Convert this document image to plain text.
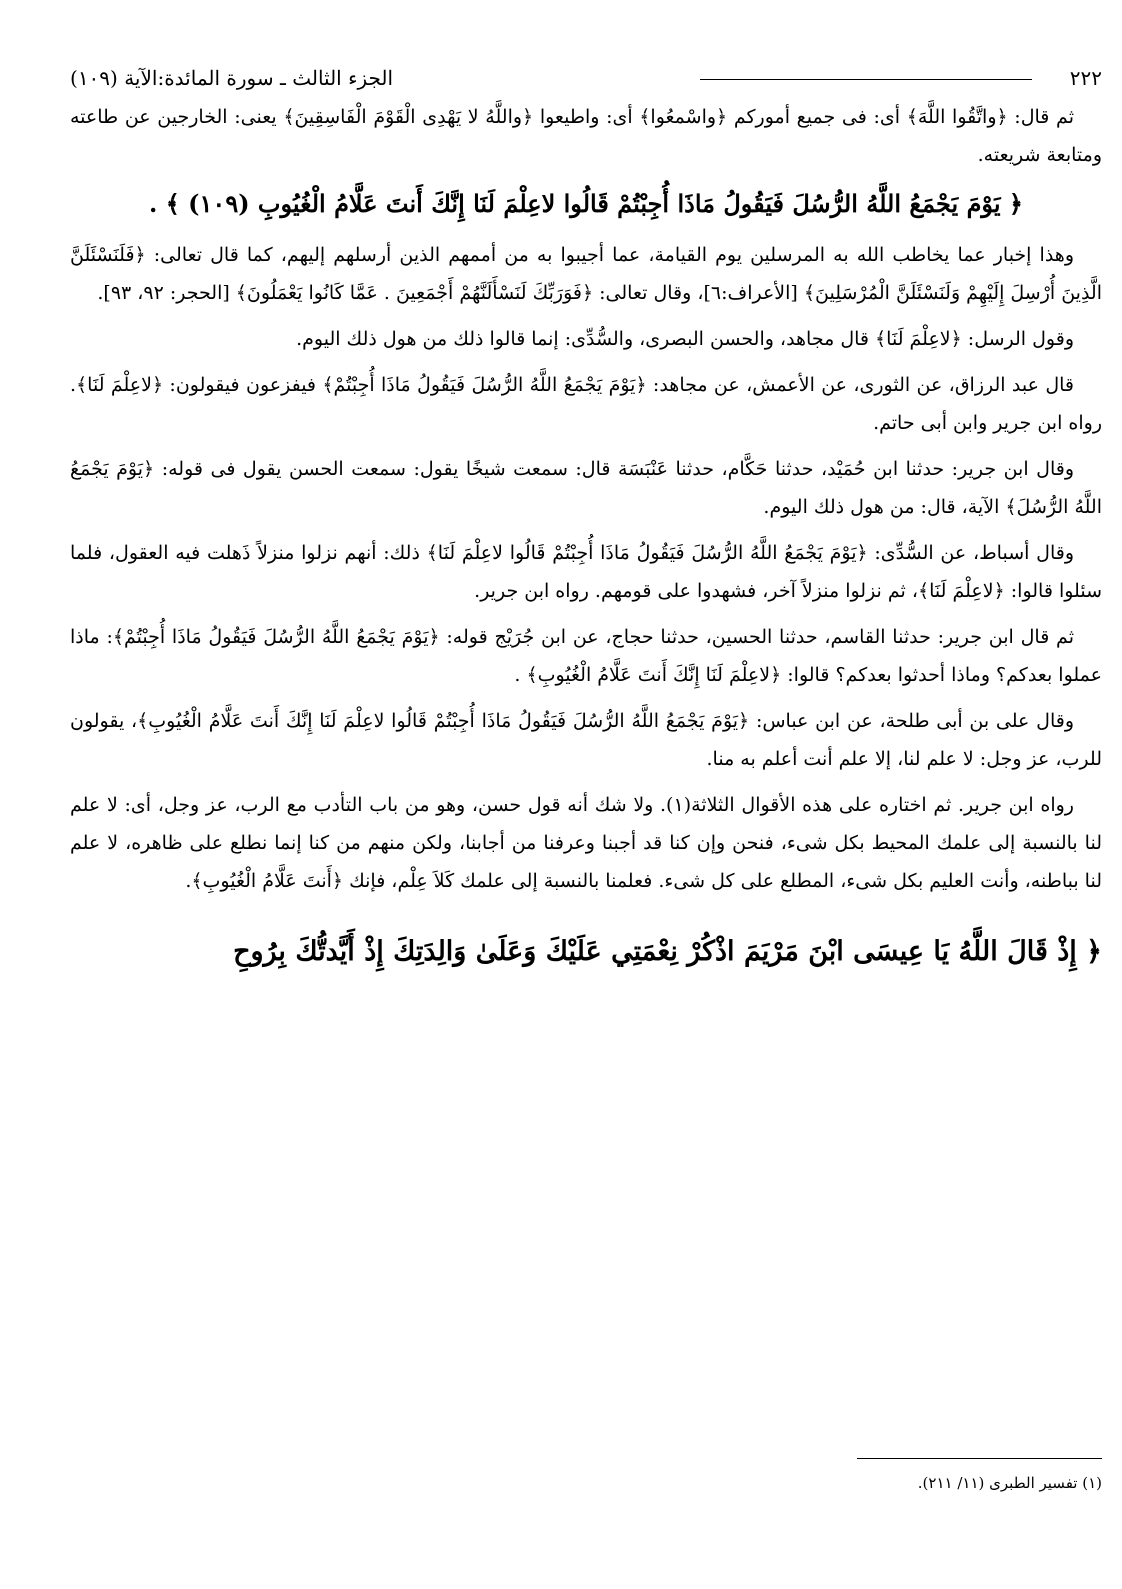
٢٢٢
الجزء الثالث ـ سورة المائدة:الآية (١٠٩)

ثم قال: ﴿واتَّقُوا اللَّهَ﴾ أى: فى جميع أموركم ﴿واسْمعُوا﴾ أى: واطيعوا ﴿واللَّهُ لا يَهْدِى الْقَوْمَ الْفَاسِقِينَ﴾ يعنى: الخارجين عن طاعته ومتابعة شريعته.

﴿ يَوْمَ يَجْمَعُ اللَّهُ الرُّسُلَ فَيَقُولُ مَاذَا أُجِبْتُمْ قَالُوا لاعِلْمَ لَنَا إِنَّكَ أَنتَ عَلَّامُ الْغُيُوبِ (١٠٩) ﴾ .

وهذا إخبار عما يخاطب الله به المرسلين يوم القيامة، عما أجيبوا به من أممهم الذين أرسلهم إليهم، كما قال تعالى: ﴿فَلَنَسْئَلَنَّ الَّذِينَ أُرْسِلَ إِلَيْهِمْ وَلَنَسْئَلَنَّ الْمُرْسَلِينَ﴾ [الأعراف:٦]، وقال تعالى: ﴿فَوَرَبِّكَ لَنَسْأَلَنَّهُمْ أَجْمَعِينَ . عَمَّا كَانُوا يَعْمَلُونَ﴾ [الحجر: ٩٢، ٩٣].

وقول الرسل: ﴿لاعِلْمَ لَنَا﴾ قال مجاهد، والحسن البصرى، والسُّدِّى: إنما قالوا ذلك من هول ذلك اليوم.

قال عبد الرزاق، عن الثورى، عن الأعمش، عن مجاهد: ﴿يَوْمَ يَجْمَعُ اللَّهُ الرُّسُلَ فَيَقُولُ مَاذَا أُجِبْتُمْ﴾ فيفزعون فيقولون: ﴿لاعِلْمَ لَنَا﴾. رواه ابن جرير وابن أبى حاتم.

وقال ابن جرير: حدثنا ابن حُمَيْد، حدثنا حَكَّام، حدثنا عَنْبَسَة قال: سمعت شيخًا يقول: سمعت الحسن يقول فى قوله: ﴿يَوْمَ يَجْمَعُ اللَّهُ الرُّسُلَ﴾ الآية، قال: من هول ذلك اليوم.

وقال أسباط، عن السُّدِّى: ﴿يَوْمَ يَجْمَعُ اللَّهُ الرُّسُلَ فَيَقُولُ مَاذَا أُجِبْتُمْ قَالُوا لاعِلْمَ لَنَا﴾ ذلك: أنهم نزلوا منزلاً ذَهلت فيه العقول، فلما سئلوا قالوا: ﴿لاعِلْمَ لَنَا﴾، ثم نزلوا منزلاً آخر، فشهدوا على قومهم. رواه ابن جرير.

ثم قال ابن جرير: حدثنا القاسم، حدثنا الحسين، حدثنا حجاج، عن ابن جُرَيْج قوله: ﴿يَوْمَ يَجْمَعُ اللَّهُ الرُّسُلَ فَيَقُولُ مَاذَا أُجِبْتُمْ﴾: ماذا عملوا بعدكم؟ وماذا أحدثوا بعدكم؟ قالوا: ﴿لاعِلْمَ لَنَا إِنَّكَ أَنتَ عَلَّامُ الْغُيُوبِ﴾ .

وقال على بن أبى طلحة، عن ابن عباس: ﴿يَوْمَ يَجْمَعُ اللَّهُ الرُّسُلَ فَيَقُولُ مَاذَا أُجِبْتُمْ قَالُوا لاعِلْمَ لَنَا إِنَّكَ أَنتَ عَلَّامُ الْغُيُوبِ﴾، يقولون للرب، عز وجل: لا علم لنا، إلا علم أنت أعلم به منا.

رواه ابن جرير. ثم اختاره على هذه الأقوال الثلاثة(١). ولا شك أنه قول حسن، وهو من باب التأدب مع الرب، عز وجل، أى: لا علم لنا بالنسبة إلى علمك المحيط بكل شىء، فنحن وإن كنا قد أجبنا وعرفنا من أجابنا، ولكن منهم من كنا إنما نطلع على ظاهره، لا علم لنا بباطنه، وأنت العليم بكل شىء، المطلع على كل شىء. فعلمنا بالنسبة إلى علمك كَلاَ عِلْم، فإنك ﴿أَنتَ عَلَّامُ الْغُيُوبِ﴾.

﴿ إِذْ قَالَ اللَّهُ يَا عِيسَى ابْنَ مَرْيَمَ اذْكُرْ نِعْمَتِي عَلَيْكَ وَعَلَىٰ وَالِدَتِكَ إِذْ أَيَّدتُّكَ بِرُوحِ
(١) تفسير الطبرى (١١/ ٢١١).
